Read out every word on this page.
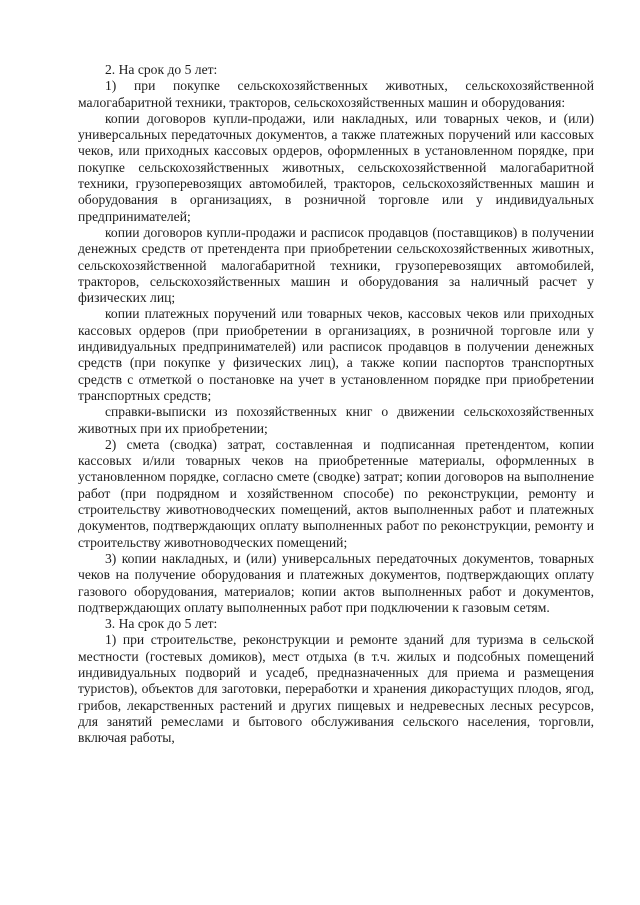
2. На срок до 5 лет:

1) при покупке сельскохозяйственных животных, сельскохозяйственной малогабаритной техники, тракторов, сельскохозяйственных машин и оборудования:

копии договоров купли-продажи, или накладных, или товарных чеков, и (или) универсальных передаточных документов, а также платежных поручений или кассовых чеков, или приходных кассовых ордеров, оформленных в установленном порядке, при покупке сельскохозяйственных животных, сельскохозяйственной малогабаритной техники, грузоперевозящих автомобилей, тракторов, сельскохозяйственных машин и оборудования в организациях, в розничной торговле или у индивидуальных предпринимателей;

копии договоров купли-продажи и расписок продавцов (поставщиков) в получении денежных средств от претендента при приобретении сельскохозяйственных животных, сельскохозяйственной малогабаритной техники, грузоперевозящих автомобилей, тракторов, сельскохозяйственных машин и оборудования за наличный расчет у физических лиц;

копии платежных поручений или товарных чеков, кассовых чеков или приходных кассовых ордеров (при приобретении в организациях, в розничной торговле или у индивидуальных предпринимателей) или расписок продавцов в получении денежных средств (при покупке у физических лиц), а также копии паспортов транспортных средств с отметкой о постановке на учет в установленном порядке при приобретении транспортных средств;

справки-выписки из похозяйственных книг о движении сельскохозяйственных животных при их приобретении;

2) смета (сводка) затрат, составленная и подписанная претендентом, копии кассовых и/или товарных чеков на приобретенные материалы, оформленных в установленном порядке, согласно смете (сводке) затрат; копии договоров на выполнение работ (при подрядном и хозяйственном способе) по реконструкции, ремонту и строительству животноводческих помещений, актов выполненных работ и платежных документов, подтверждающих оплату выполненных работ по реконструкции, ремонту и строительству животноводческих помещений;

3) копии накладных, и (или) универсальных передаточных документов, товарных чеков на получение оборудования и платежных документов, подтверждающих оплату газового оборудования, материалов; копии актов выполненных работ и документов, подтверждающих оплату выполненных работ при подключении к газовым сетям.

3. На срок до 5 лет:

1) при строительстве, реконструкции и ремонте зданий для туризма в сельской местности (гостевых домиков), мест отдыха (в т.ч. жилых и подсобных помещений индивидуальных подворий и усадеб, предназначенных для приема и размещения туристов), объектов для заготовки, переработки и хранения дикорастущих плодов, ягод, грибов, лекарственных растений и других пищевых и недревесных лесных ресурсов, для занятий ремеслами и бытового обслуживания сельского населения, торговли, включая работы,
